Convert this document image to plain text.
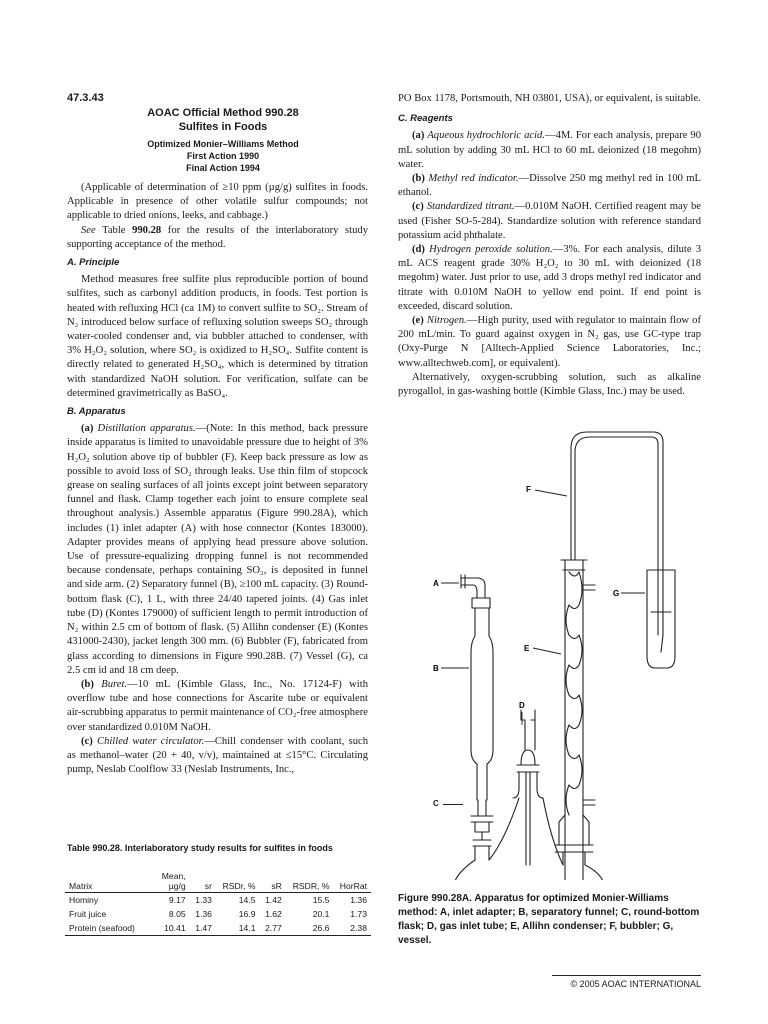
47.3.43
AOAC Official Method 990.28
Sulfites in Foods
Optimized Monier–Williams Method
First Action 1990
Final Action 1994

(Applicable of determination of ≥10 ppm (µg/g) sulfites in foods. Applicable in presence of other volatile sulfur compounds; not applicable to dried onions, leeks, and cabbage.)

See Table 990.28 for the results of the interlaboratory study supporting acceptance of the method.

A. Principle

Method measures free sulfite plus reproducible portion of bound sulfites, such as carbonyl addition products, in foods. Test portion is heated with refluxing HCl (ca 1M) to convert sulfite to SO₂. Stream of N₂ introduced below surface of refluxing solution sweeps SO₂ through water-cooled condenser and, via bubbler attached to condenser, with 3% H₂O₂ solution, where SO₂ is oxidized to H₂SO₄. Sulfite content is directly related to generated H₂SO₄, which is determined by titration with standardized NaOH solution. For verification, sulfate can be determined gravimetrically as BaSO₄.

B. Apparatus

(a) Distillation apparatus.—(Note: In this method, back pressure inside apparatus is limited to unavoidable pressure due to height of 3% H₂O₂ solution above tip of bubbler (F). Keep back pressure as low as possible to avoid loss of SO₂ through leaks. Use thin film of stopcock grease on sealing surfaces of all joints except joint between separatory funnel and flask. Clamp together each joint to ensure complete seal throughout analysis.) Assemble apparatus (Figure 990.28A), which includes (1) inlet adapter (A) with hose connector (Kontes 183000). Adapter provides means of applying head pressure above solution. Use of pressure-equalizing dropping funnel is not recommended because condensate, perhaps containing SO₂, is deposited in funnel and side arm. (2) Separatory funnel (B), ≥100 mL capacity. (3) Round-bottom flask (C), 1 L, with three 24/40 tapered joints. (4) Gas inlet tube (D) (Kontes 179000) of sufficient length to permit introduction of N₂ within 2.5 cm of bottom of flask. (5) Allihn condenser (E) (Kontes 431000-2430), jacket length 300 mm. (6) Bubbler (F), fabricated from glass according to dimensions in Figure 990.28B. (7) Vessel (G), ca 2.5 cm id and 18 cm deep.

(b) Buret.—10 mL (Kimble Glass, Inc., No. 17124-F) with overflow tube and hose connections for Ascarite tube or equivalent air-scrubbing apparatus to permit maintenance of CO₂-free atmosphere over standardized 0.010M NaOH.

(c) Chilled water circulator.—Chill condenser with coolant, such as methanol–water (20 + 40, v/v), maintained at ≤15°C. Circulating pump, Neslab Coolflow 33 (Neslab Instruments, Inc.,

Table 990.28. Interlaboratory study results for sulfites in foods
Matrix	Mean, µg/g	sr	RSDr, %	sR	RSDR, %	HorRat
Hominy	9.17	1.33	14.5	1.42	15.5	1.36
Fruit juice	8.05	1.36	16.9	1.62	20.1	1.73
Protein (seafood)	10.41	1.47	14.1	2.77	26.6	2.38

PO Box 1178, Portsmouth, NH 03801, USA), or equivalent, is suitable.

C. Reagents

(a) Aqueous hydrochloric acid.—4M. For each analysis, prepare 90 mL solution by adding 30 mL HCl to 60 mL deionized (18 megohm) water.

(b) Methyl red indicator.—Dissolve 250 mg methyl red in 100 mL ethanol.

(c) Standardized titrant.—0.010M NaOH. Certified reagent may be used (Fisher SO-5-284). Standardize solution with reference standard potassium acid phthalate.

(d) Hydrogen peroxide solution.—3%. For each analysis, dilute 3 mL ACS reagent grade 30% H₂O₂ to 30 mL with deionized (18 megohm) water. Just prior to use, add 3 drops methyl red indicator and titrate with 0.010M NaOH to yellow end point. If end point is exceeded, discard solution.

(e) Nitrogen.—High purity, used with regulator to maintain flow of 200 mL/min. To guard against oxygen in N₂ gas, use GC-type trap (Oxy-Purge N [Alltech-Applied Science Laboratories, Inc.; www.alltechweb.com], or equivalent).

Alternatively, oxygen-scrubbing solution, such as alkaline pyrogallol, in gas-washing bottle (Kimble Glass, Inc.) may be used.

A
B
F
E
D
G
C
Figure 990.28A. Apparatus for optimized Monier-Williams method: A, inlet adapter; B, separatory funnel; C, round-bottom flask; D, gas inlet tube; E, Allihn condenser; F, bubbler; G, vessel.
© 2005 AOAC INTERNATIONAL
